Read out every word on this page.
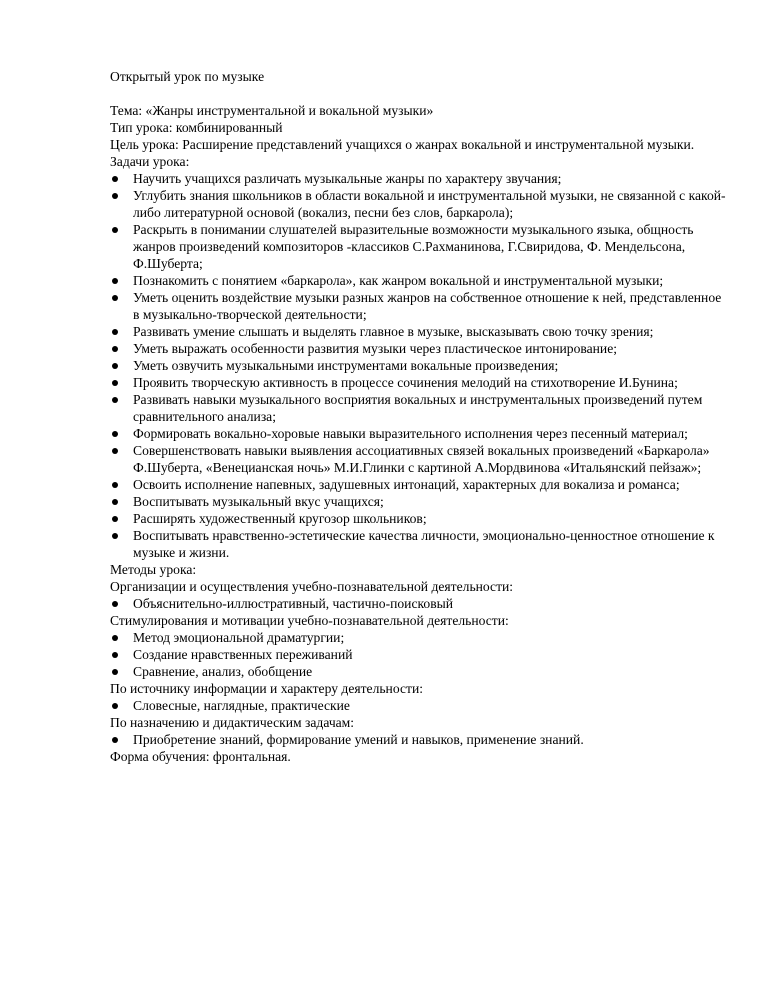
Открытый урок по музыке

Тема: «Жанры инструментальной и вокальной музыки»

Тип урока: комбинированный

Цель урока: Расширение представлений учащихся о жанрах вокальной и инструментальной музыки.

Задачи урока:

Научить учащихся различать музыкальные жанры по характеру звучания;
Углубить знания школьников в области вокальной и инструментальной музыки, не связанной с какой-либо литературной основой (вокализ, песни без слов, баркарола);
Раскрыть в понимании слушателей выразительные возможности музыкального языка, общность жанров произведений композиторов -классиков С.Рахманинова, Г.Свиридова, Ф. Мендельсона, Ф.Шуберта;
Познакомить с понятием «баркарола», как жанром вокальной и инструментальной музыки;
Уметь оценить воздействие музыки разных жанров на собственное отношение к ней, представленное в музыкально-творческой деятельности;
Развивать умение слышать и выделять главное в музыке, высказывать свою точку зрения;
Уметь выражать особенности развития музыки через пластическое интонирование;
Уметь озвучить музыкальными инструментами вокальные произведения;
Проявить творческую активность в процессе сочинения мелодий на стихотворение И.Бунина;
Развивать навыки музыкального восприятия вокальных и инструментальных произведений путем сравнительного анализа;
Формировать вокально-хоровые навыки выразительного исполнения через песенный материал;
Совершенствовать навыки выявления ассоциативных связей вокальных произведений «Баркарола» Ф.Шуберта, «Венецианская ночь» М.И.Глинки с картиной А.Мордвинова «Итальянский пейзаж»;
Освоить исполнение напевных, задушевных интонаций, характерных для вокализа и романса;
Воспитывать музыкальный вкус учащихся;
Расширять художественный кругозор школьников;
Воспитывать нравственно-эстетические качества личности, эмоционально-ценностное отношение к музыке и жизни.

Методы урока:

Организации и осуществления учебно-познавательной деятельности:

Объяснительно-иллюстративный, частично-поисковый

Стимулирования и мотивации учебно-познавательной деятельности:

Метод эмоциональной драматургии;
Создание нравственных переживаний
Сравнение, анализ, обобщение

По источнику информации и характеру деятельности:

Словесные, наглядные, практические

По назначению и дидактическим задачам:

Приобретение знаний, формирование умений и навыков, применение знаний.

Форма обучения: фронтальная.
